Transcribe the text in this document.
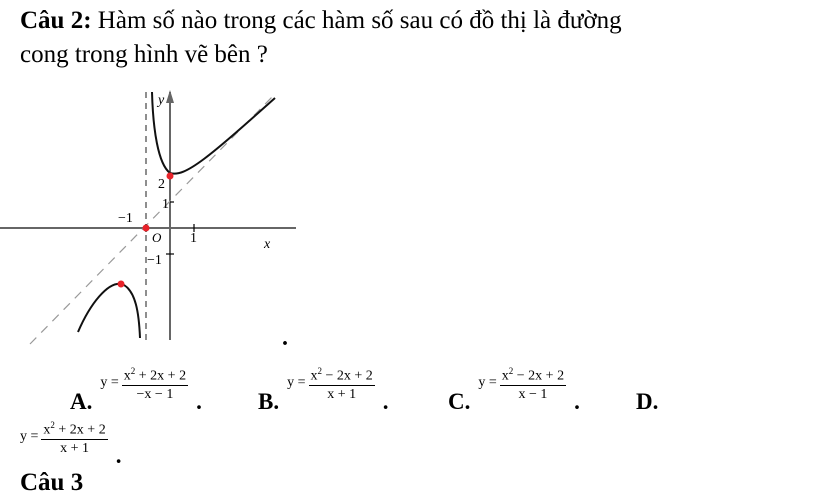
Câu 2: Hàm số nào trong các hàm số sau có đồ thị là đường
cong trong hình vẽ bên ?
y
x
O
2
1
−1
1
−1
·
A.
$y = \frac{x^2 + 2x + 2}{-x - 1}$ . B.
$y = \frac{x^2 - 2x + 2}{x + 1}$ .	C.
$y = \frac{x^2 - 2x + 2}{x - 1}$ . D.
$y = \frac{x^2 + 2x + 2}{x + 1}$ .
Câu 3
